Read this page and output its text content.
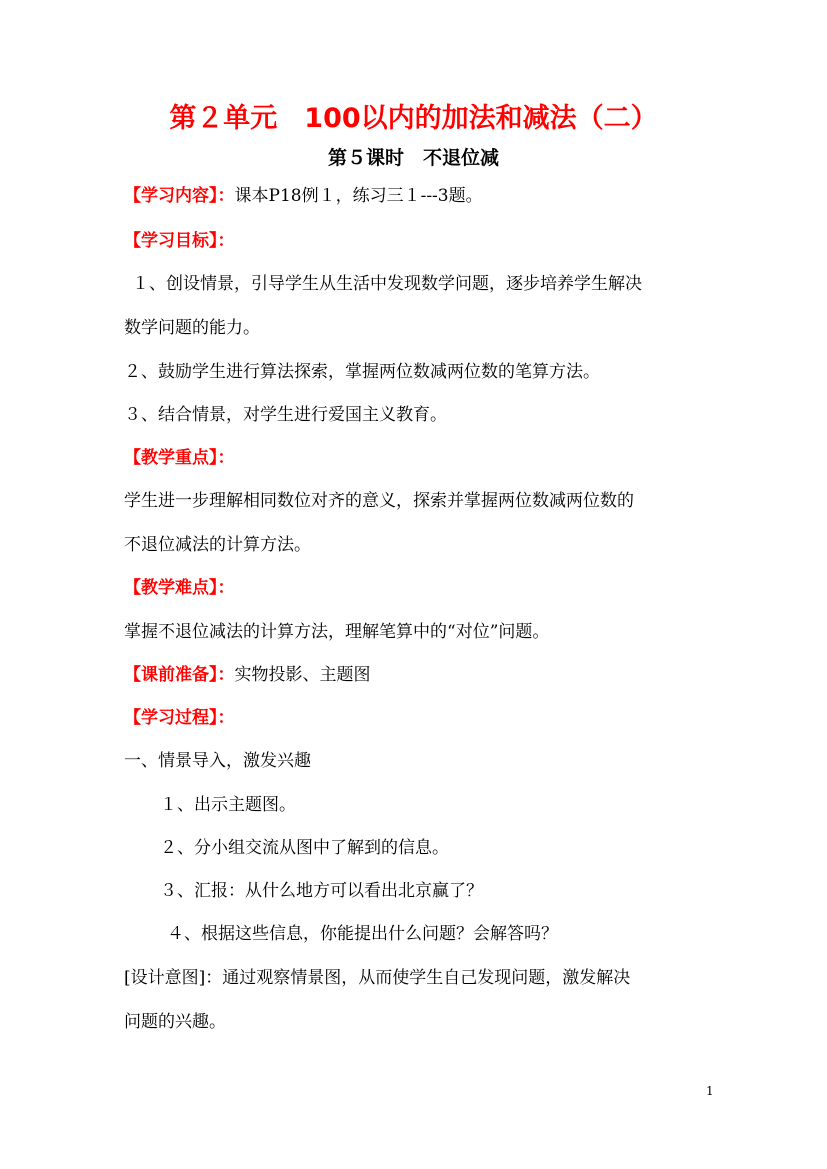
第２单元　100以内的加法和减法（二）
第５课时　不退位减
【学习内容】：课本P18例１，练习三１---3题。
【学习目标】：
１、创设情景，引导学生从生活中发现数学问题，逐步培养学生解决
数学问题的能力。
２、鼓励学生进行算法探索，掌握两位数减两位数的笔算方法。
３、结合情景，对学生进行爱国主义教育。
【教学重点】：
学生进一步理解相同数位对齐的意义，探索并掌握两位数减两位数的
不退位减法的计算方法。
【教学难点】：
掌握不退位减法的计算方法，理解笔算中的“对位”问题。
【课前准备】：实物投影、主题图
【学习过程】：
一、情景导入，激发兴趣
１、出示主题图。
２、分小组交流从图中了解到的信息。
３、汇报：从什么地方可以看出北京赢了？
４、根据这些信息，你能提出什么问题？会解答吗？
[设计意图]：通过观察情景图，从而使学生自己发现问题，激发解决
问题的兴趣。
1
